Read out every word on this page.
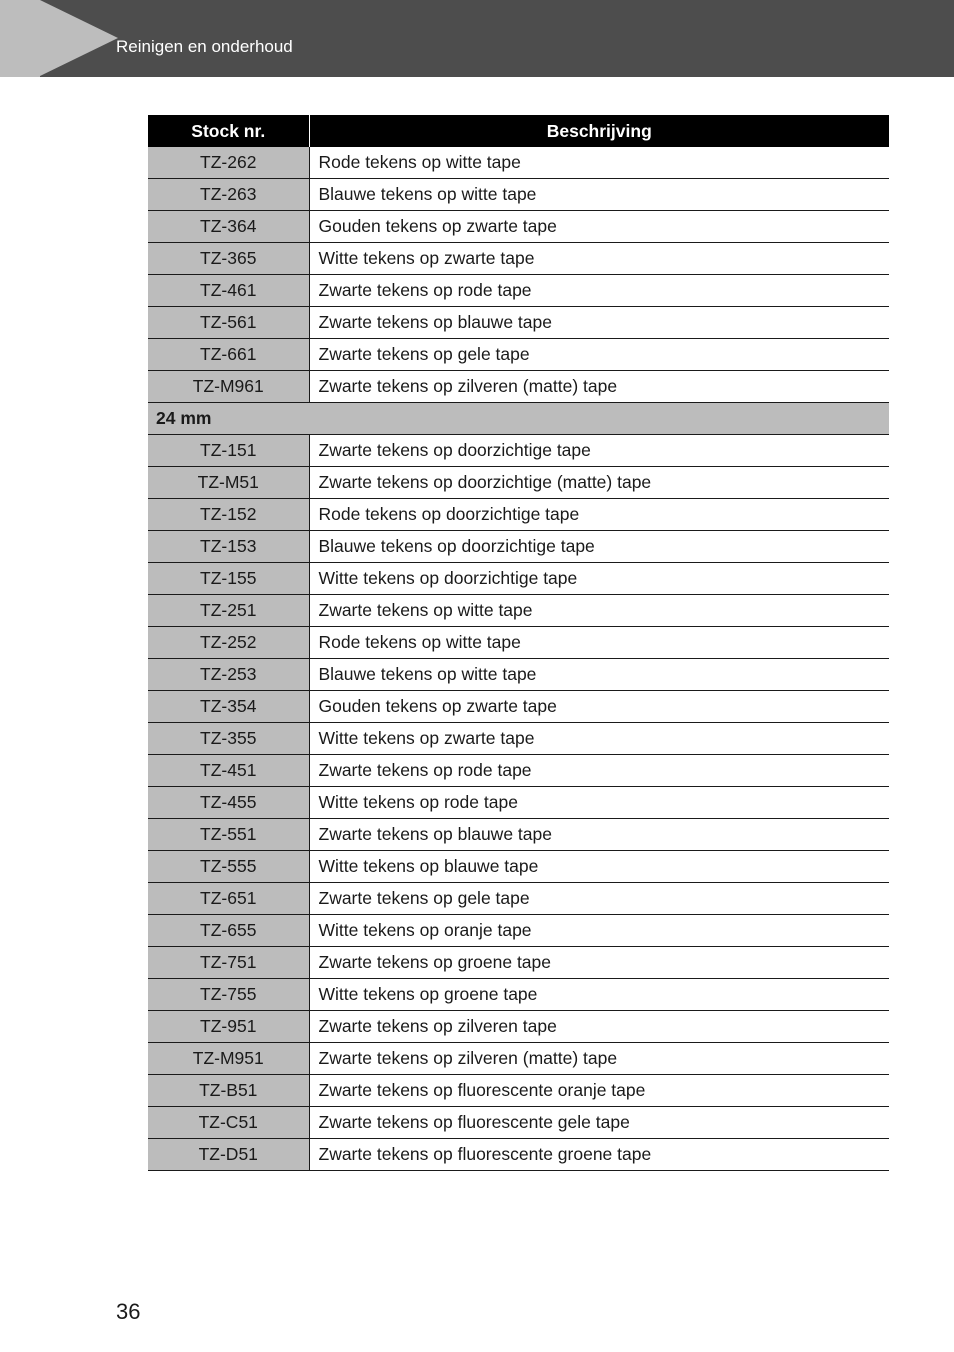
Reinigen en onderhoud
Stock nr.	Beschrijving
TZ-262	Rode tekens op witte tape
TZ-263	Blauwe tekens op witte tape
TZ-364	Gouden tekens op zwarte tape
TZ-365	Witte tekens op zwarte tape
TZ-461	Zwarte tekens op rode tape
TZ-561	Zwarte tekens op blauwe tape
TZ-661	Zwarte tekens op gele tape
TZ-M961	Zwarte tekens op zilveren (matte) tape
24 mm	
TZ-151	Zwarte tekens op doorzichtige tape
TZ-M51	Zwarte tekens op doorzichtige (matte) tape
TZ-152	Rode tekens op doorzichtige tape
TZ-153	Blauwe tekens op doorzichtige tape
TZ-155	Witte tekens op doorzichtige tape
TZ-251	Zwarte tekens op witte tape
TZ-252	Rode tekens op witte tape
TZ-253	Blauwe tekens op witte tape
TZ-354	Gouden tekens op zwarte tape
TZ-355	Witte tekens op zwarte tape
TZ-451	Zwarte tekens op rode tape
TZ-455	Witte tekens op rode tape
TZ-551	Zwarte tekens op blauwe tape
TZ-555	Witte tekens op blauwe tape
TZ-651	Zwarte tekens op gele tape
TZ-655	Witte tekens op oranje tape
TZ-751	Zwarte tekens op groene tape
TZ-755	Witte tekens op groene tape
TZ-951	Zwarte tekens op zilveren tape
TZ-M951	Zwarte tekens op zilveren (matte) tape
TZ-B51	Zwarte tekens op fluorescente oranje tape
TZ-C51	Zwarte tekens op fluorescente gele tape
TZ-D51	Zwarte tekens op fluorescente groene tape
36
